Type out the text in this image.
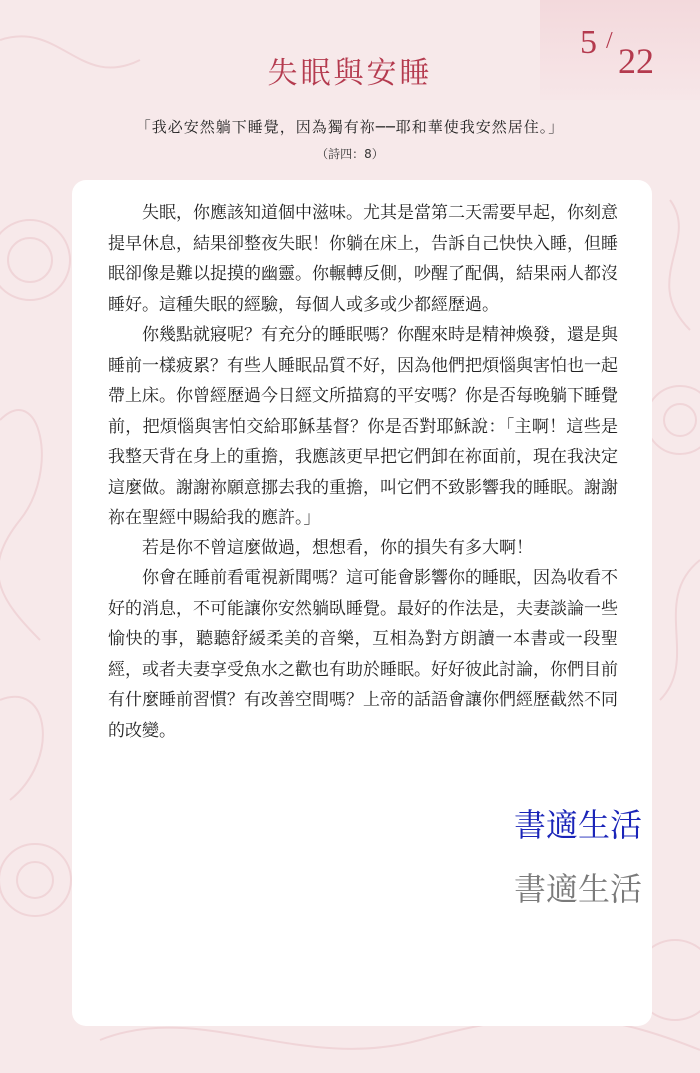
5 / 22
失眠與安睡
「我必安然躺下睡覺，因為獨有祢──耶和華使我安然居住。」
（詩四：8）

失眠，你應該知道個中滋味。尤其是當第二天需要早起，你刻意提早休息，結果卻整夜失眠！你躺在床上，告訴自己快快入睡，但睡眠卻像是難以捉摸的幽靈。你輾轉反側，吵醒了配偶，結果兩人都沒睡好。這種失眠的經驗，每個人或多或少都經歷過。

你幾點就寢呢？有充分的睡眠嗎？你醒來時是精神煥發，還是與睡前一樣疲累？有些人睡眠品質不好，因為他們把煩惱與害怕也一起帶上床。你曾經歷過今日經文所描寫的平安嗎？你是否每晚躺下睡覺前，把煩惱與害怕交給耶穌基督？你是否對耶穌說：「主啊！這些是我整天背在身上的重擔，我應該更早把它們卸在祢面前，現在我決定這麼做。謝謝祢願意挪去我的重擔，叫它們不致影響我的睡眠。謝謝祢在聖經中賜給我的應許。」

若是你不曾這麼做過，想想看，你的損失有多大啊！

你會在睡前看電視新聞嗎？這可能會影響你的睡眠，因為收看不好的消息，不可能讓你安然躺臥睡覺。最好的作法是，夫妻談論一些愉快的事，聽聽舒緩柔美的音樂，互相為對方朗讀一本書或一段聖經，或者夫妻享受魚水之歡也有助於睡眠。好好彼此討論，你們目前有什麼睡前習慣？有改善空間嗎？上帝的話語會讓你們經歷截然不同的改變。

書適生活
書適生活
